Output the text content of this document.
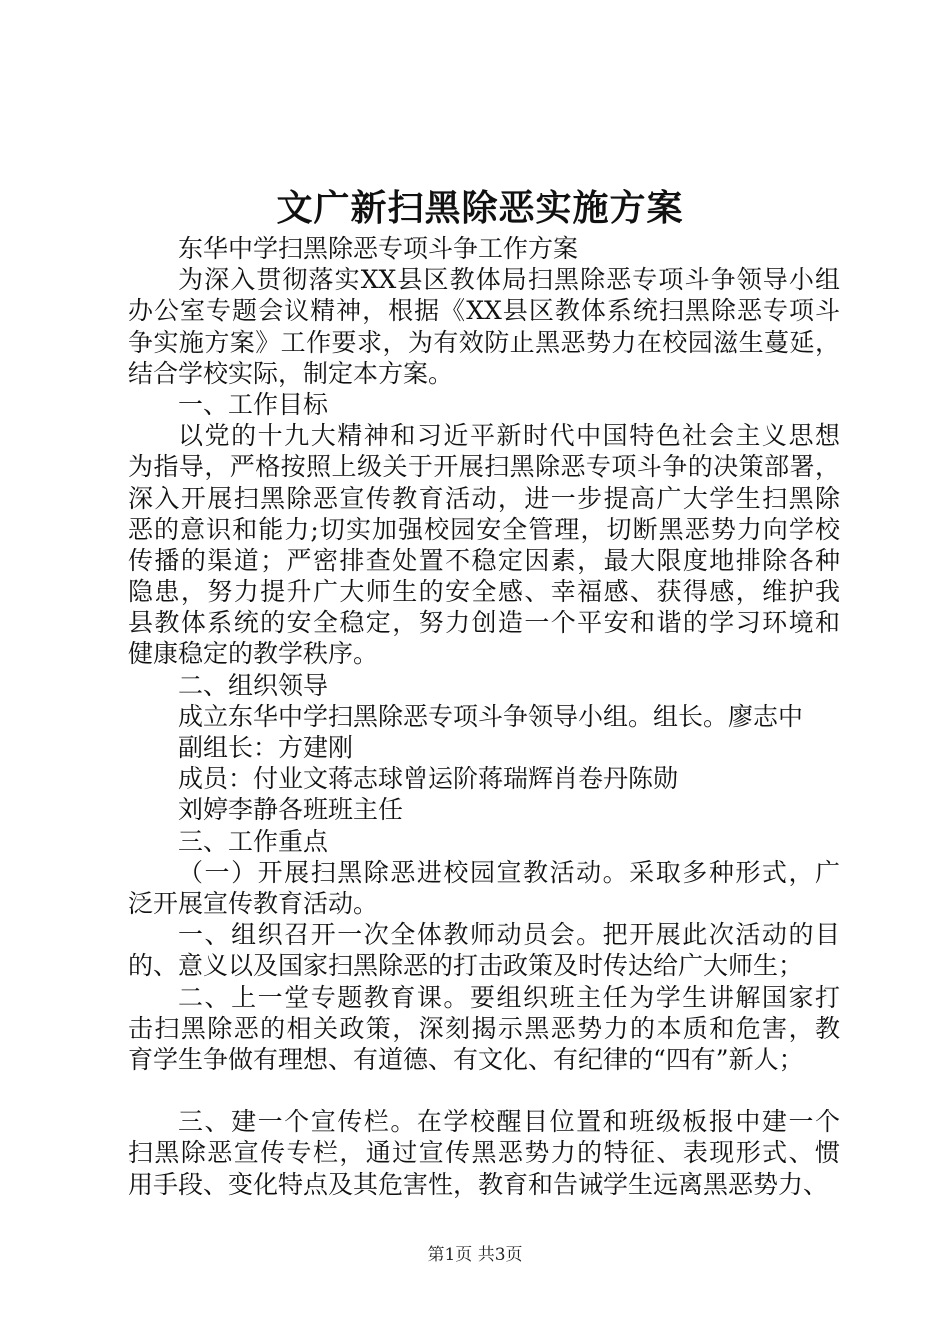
文广新扫黑除恶实施方案
东华中学扫黑除恶专项斗争工作方案
为深入贯彻落实XX县区教体局扫黑除恶专项斗争领导小组
办公室专题会议精神，根据《XX县区教体系统扫黑除恶专项斗
争实施方案》工作要求，为有效防止黑恶势力在校园滋生蔓延，
结合学校实际，制定本方案。
一、工作目标
以党的十九大精神和习近平新时代中国特色社会主义思想
为指导，严格按照上级关于开展扫黑除恶专项斗争的决策部署，
深入开展扫黑除恶宣传教育活动，进一步提高广大学生扫黑除
恶的意识和能力;切实加强校园安全管理，切断黑恶势力向学校
传播的渠道；严密排查处置不稳定因素，最大限度地排除各种
隐患，努力提升广大师生的安全感、幸福感、获得感，维护我
县教体系统的安全稳定，努力创造一个平安和谐的学习环境和
健康稳定的教学秩序。
二、组织领导
成立东华中学扫黑除恶专项斗争领导小组。组长。廖志中
副组长：方建刚
成员：付业文蒋志球曾运阶蒋瑞辉肖卷丹陈勋
刘婷李静各班班主任
三、工作重点
（一）开展扫黑除恶进校园宣教活动。采取多种形式，广
泛开展宣传教育活动。
一、组织召开一次全体教师动员会。把开展此次活动的目
的、意义以及国家扫黑除恶的打击政策及时传达给广大师生；
二、上一堂专题教育课。要组织班主任为学生讲解国家打
击扫黑除恶的相关政策，深刻揭示黑恶势力的本质和危害，教
育学生争做有理想、有道德、有文化、有纪律的“四有”新人；
三、建一个宣传栏。在学校醒目位置和班级板报中建一个
扫黑除恶宣传专栏，通过宣传黑恶势力的特征、表现形式、惯
用手段、变化特点及其危害性，教育和告诫学生远离黑恶势力、
第1页 共3页
